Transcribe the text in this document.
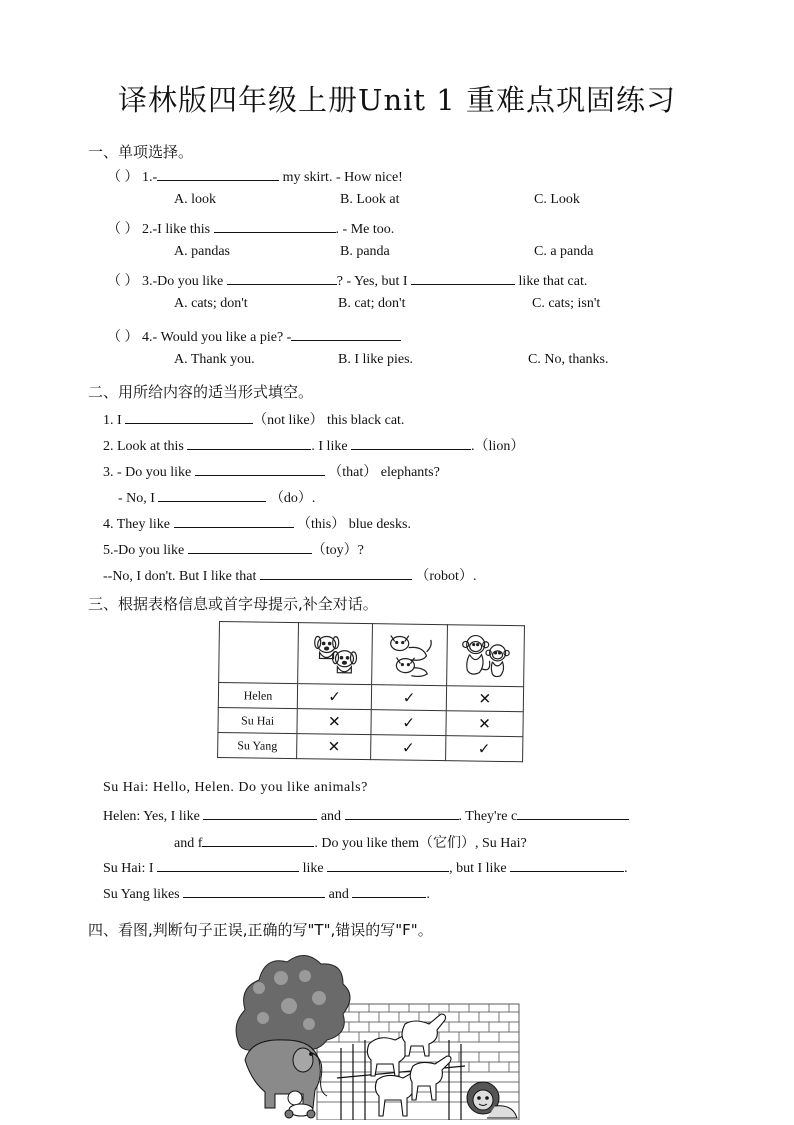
译林版四年级上册Unit 1 重难点巩固练习
一、单项选择。
（ ） 1.-	my skirt. - How nice!
A. look	B. Look at	C. Look
（ ） 2.-I like this	. - Me too.
A. pandas	B. panda	C. a panda
（ ） 3.-Do you like	? - Yes, but I	like that cat.
A. cats; don't	B. cat; don't	C. cats; isn't
（ ） 4.- Would you like a pie? -
A. Thank you.	B. I like pies.	C. No, thanks.
二、用所给内容的适当形式填空。
1. I	（not like） this black cat.
2. Look at this	. I like	.（lion）
3. - Do you like	（that） elephants?
- No, I	（do）.
4. They like	（this） blue desks.
5.-Do you like	（toy）?
--No, I don't. But I like that	（robot）.
三、根据表格信息或首字母提示,补全对话。

Helen	✓	✓	✕
Su Hai	✕	✓	✕
Su Yang	✕	✓	✓
Su Hai: Hello, Helen. Do you like animals?
Helen: Yes, I like	and	. They're c
and f	. Do you like them（它们）, Su Hai?
Su Hai: I	like	, but I like	.
Su Yang likes	and	.
四、看图,判断句子正误,正确的写"T",错误的写"F"。
